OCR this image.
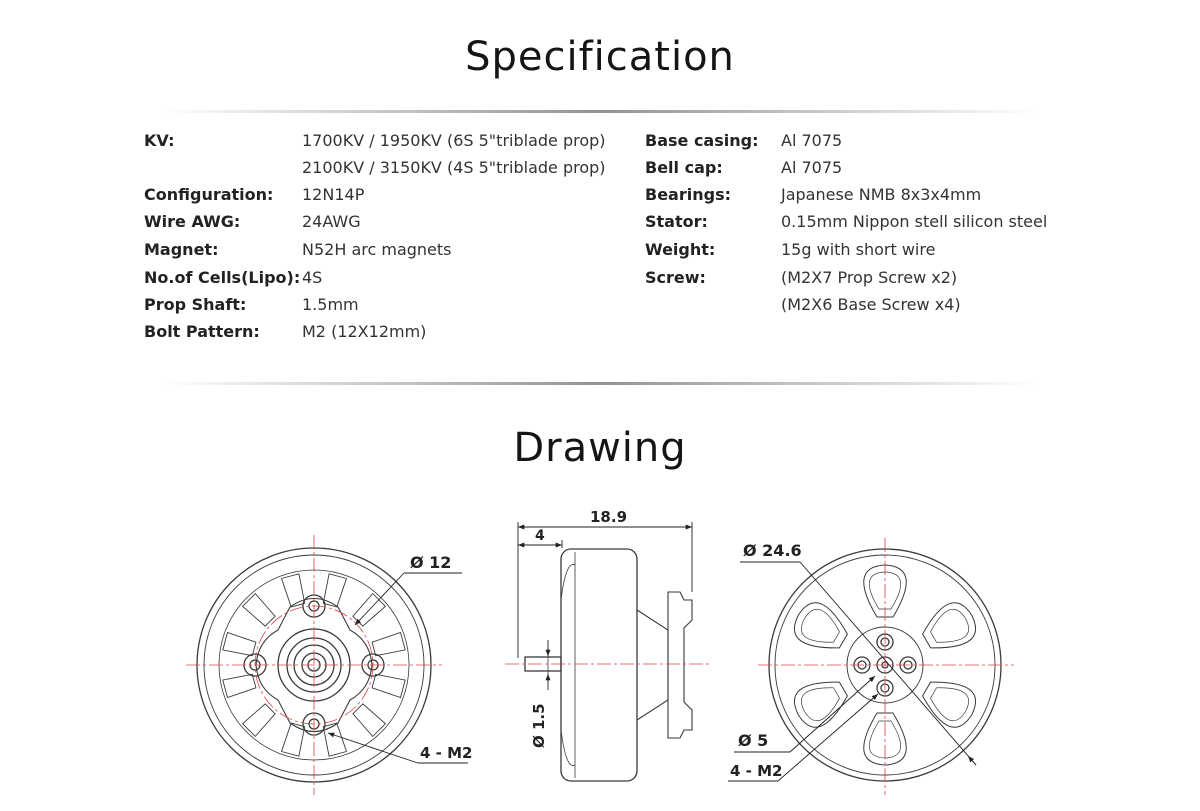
Specification
KV:	1700KV / 1950KV (6S 5"triblade prop)
2100KV / 3150KV (4S 5"triblade prop)
Configuration: 12N14P
Wire AWG:	24AWG
Magnet:	N52H arc magnets
No.of Cells(Lipo): 4S
Prop Shaft:	1.5mm
Bolt Pattern:	M2 (12X12mm)
Base casing: Al 7075
Bell cap:	Al 7075
Bearings:	Japanese NMB 8x3x4mm
Stator:	0.15mm Nippon stell silicon steel
Weight:	15g with short wire
Screw:	(M2X7 Prop Screw x2)
(M2X6 Base Screw x4)
Drawing
Ø 12
4 - M2
18.9
4
Ø 1.5
Ø 24.6
Ø 5
4 - M2
